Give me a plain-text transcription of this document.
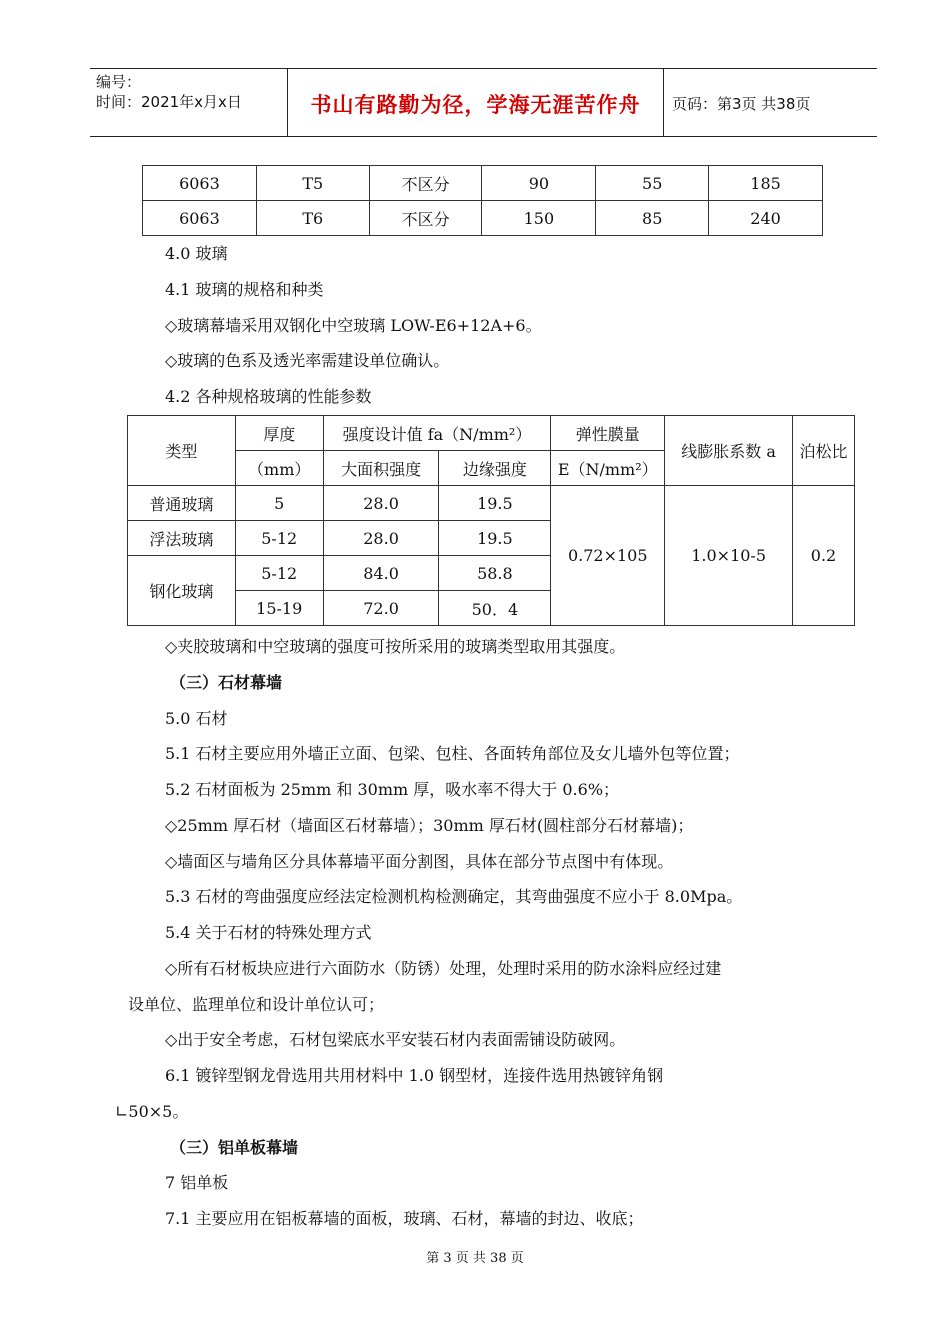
编号：
时间：2021年x月x日	书山有路勤为径，学海无涯苦作舟	页码：第3页 共38页
6063	T5	不区分	90	55	185
6063	T6	不区分	150	85	240
4.0 玻璃
4.1 玻璃的规格和种类
◇玻璃幕墙采用双钢化中空玻璃 LOW-E6+12A+6。
◇玻璃的色系及透光率需建设单位确认。
4.2 各种规格玻璃的性能参数
类型	厚度	强度设计值 fa（N/mm²）		弹性膜量	线膨胀系数 a	泊松比
	（mm）	大面积强度	边缘强度	E（N/mm²）		
普通玻璃	5	28.0	19.5	0.72×105	1.0×10-5	0.2
浮法玻璃	5-12	28.0	19.5			
钢化玻璃	5-12	84.0	58.8			
	15-19	72.0	50．4			
◇夹胶玻璃和中空玻璃的强度可按所采用的玻璃类型取用其强度。
（三）石材幕墙
5.0 石材
5.1 石材主要应用外墙正立面、包梁、包柱、各面转角部位及女儿墙外包等位置；
5.2 石材面板为 25mm 和 30mm 厚，吸水率不得大于 0.6%；
◇25mm 厚石材（墙面区石材幕墙）；30mm 厚石材(圆柱部分石材幕墙)；
◇墙面区与墙角区分具体幕墙平面分割图，具体在部分节点图中有体现。
5.3 石材的弯曲强度应经法定检测机构检测确定，其弯曲强度不应小于 8.0Mpa。
5.4 关于石材的特殊处理方式
◇所有石材板块应进行六面防水（防锈）处理，处理时采用的防水涂料应经过建
设单位、监理单位和设计单位认可；
◇出于安全考虑，石材包梁底水平安装石材内表面需铺设防破网。
6.1 镀锌型钢龙骨选用共用材料中 1.0 钢型材，连接件选用热镀锌角钢
∟50×5。
（三）铝单板幕墙
7 铝单板
7.1 主要应用在铝板幕墙的面板，玻璃、石材，幕墙的封边、收底；
第 3 页 共 38 页
